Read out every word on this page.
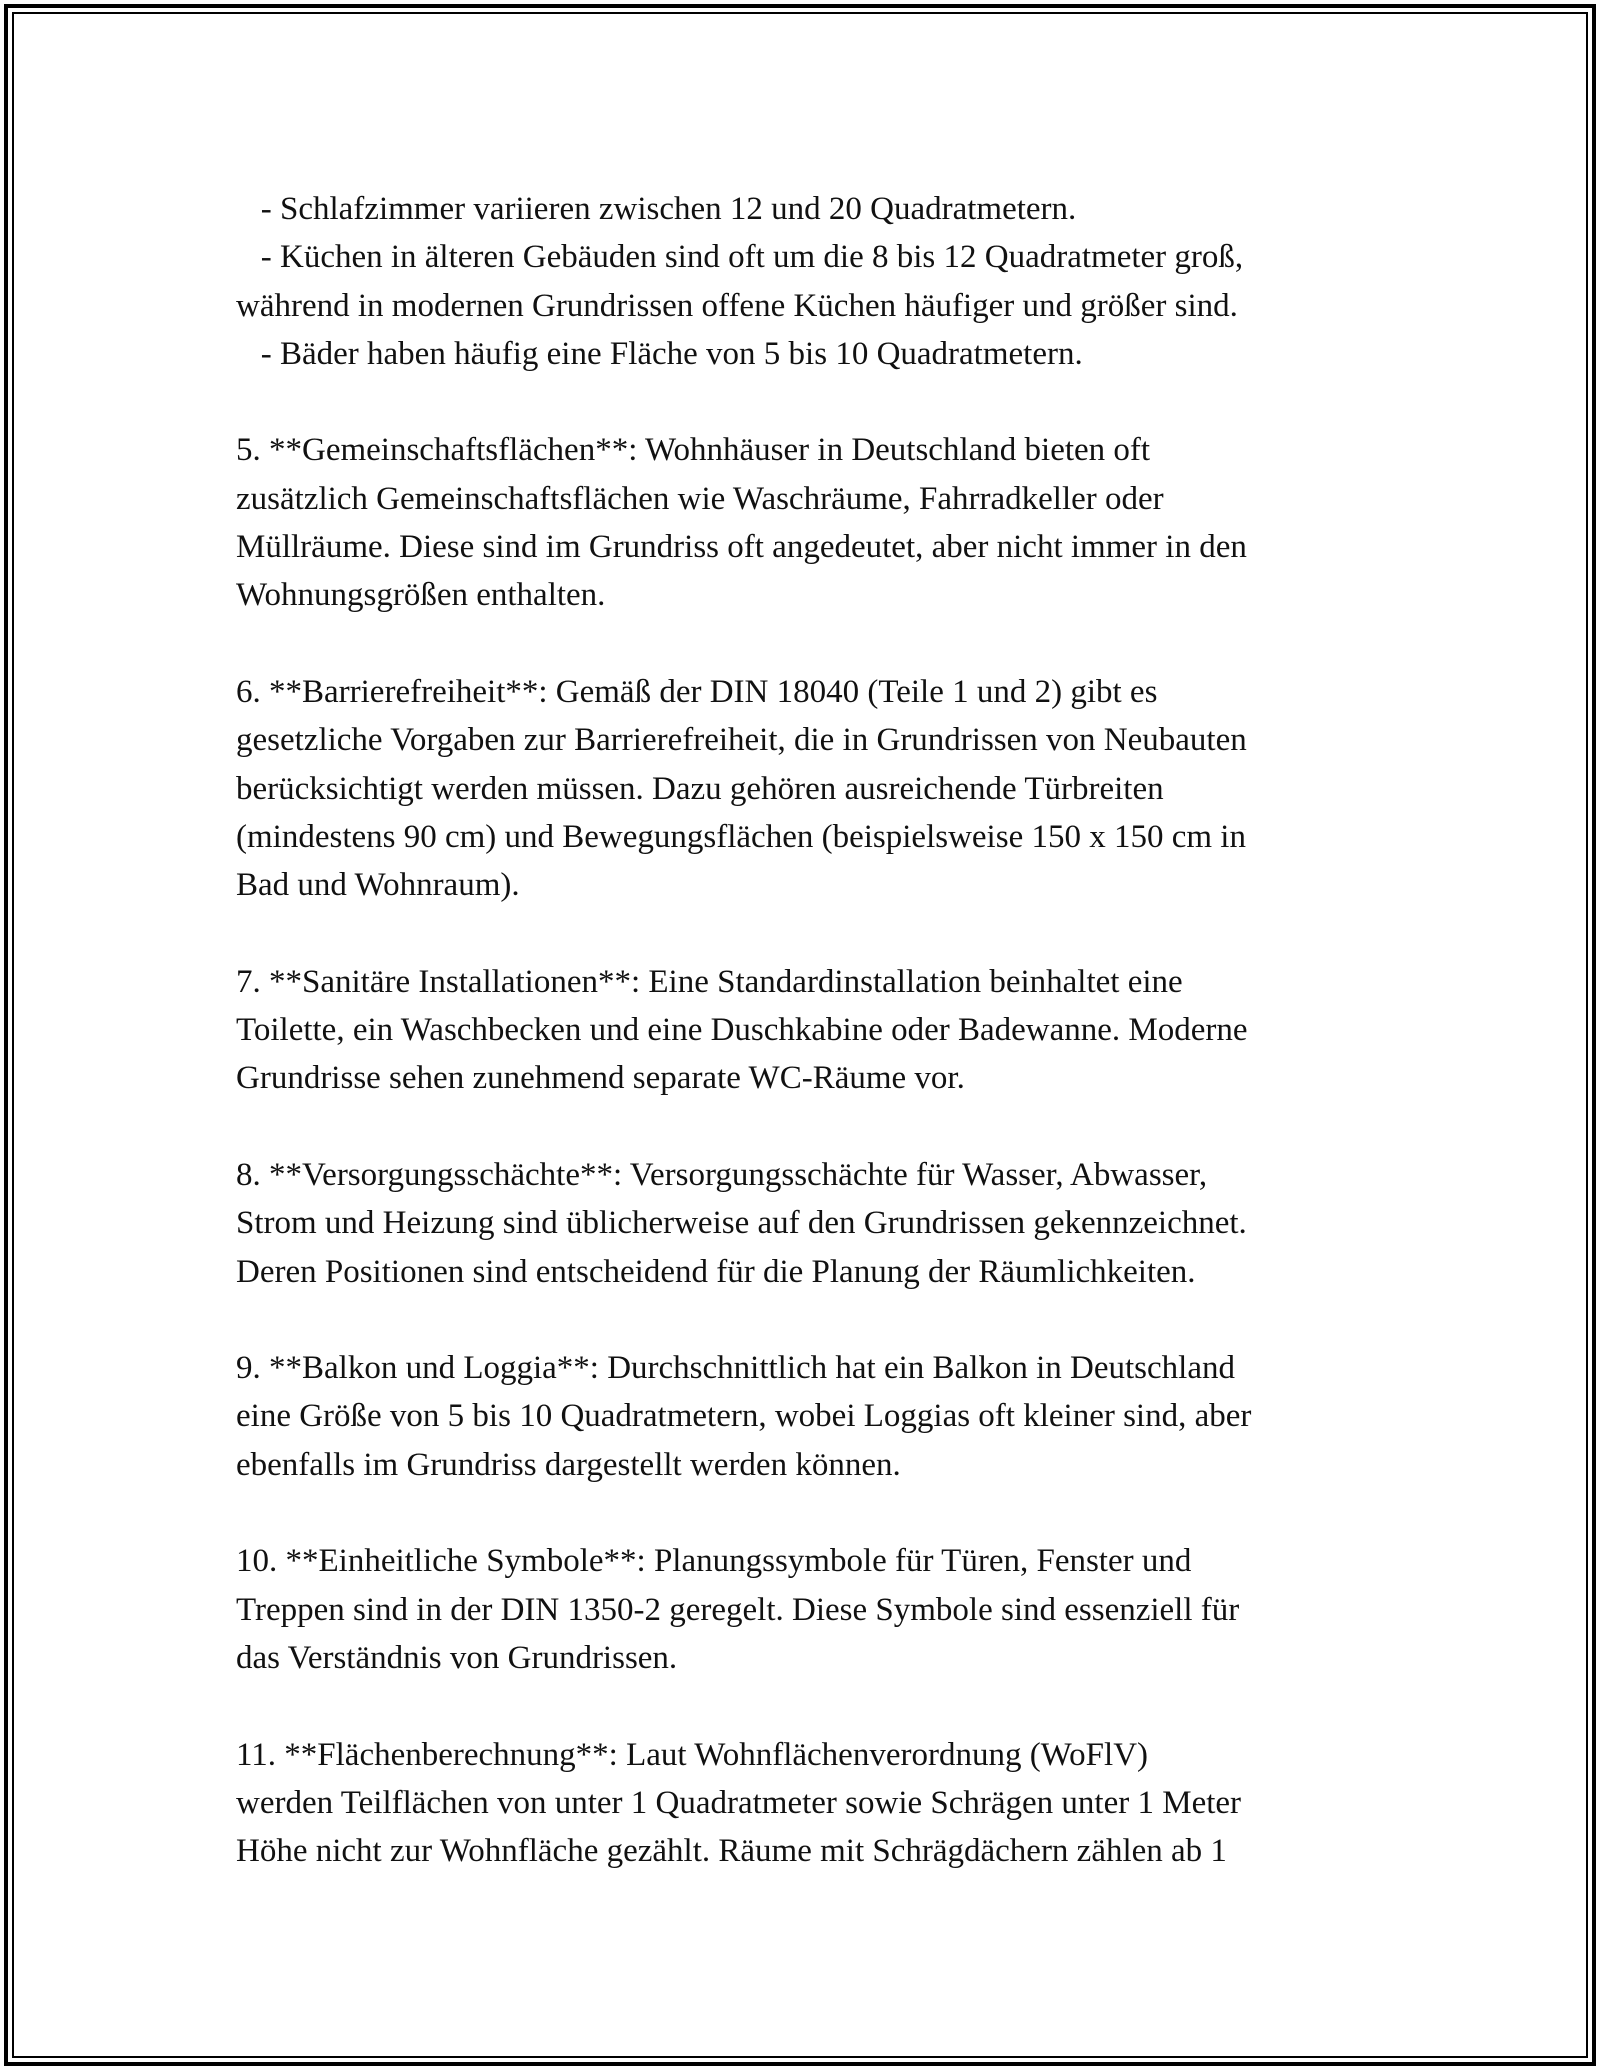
- Schlafzimmer variieren zwischen 12 und 20 Quadratmetern.
- Küchen in älteren Gebäuden sind oft um die 8 bis 12 Quadratmeter groß,
während in modernen Grundrissen offene Küchen häufiger und größer sind.
- Bäder haben häufig eine Fläche von 5 bis 10 Quadratmetern.
5. **Gemeinschaftsflächen**: Wohnhäuser in Deutschland bieten oft
zusätzlich Gemeinschaftsflächen wie Waschräume, Fahrradkeller oder
Müllräume. Diese sind im Grundriss oft angedeutet, aber nicht immer in den
Wohnungsgrößen enthalten.
6. **Barrierefreiheit**: Gemäß der DIN 18040 (Teile 1 und 2) gibt es
gesetzliche Vorgaben zur Barrierefreiheit, die in Grundrissen von Neubauten
berücksichtigt werden müssen. Dazu gehören ausreichende Türbreiten
(mindestens 90 cm) und Bewegungsflächen (beispielsweise 150 x 150 cm in
Bad und Wohnraum).
7. **Sanitäre Installationen**: Eine Standardinstallation beinhaltet eine
Toilette, ein Waschbecken und eine Duschkabine oder Badewanne. Moderne
Grundrisse sehen zunehmend separate WC-Räume vor.
8. **Versorgungsschächte**: Versorgungsschächte für Wasser, Abwasser,
Strom und Heizung sind üblicherweise auf den Grundrissen gekennzeichnet.
Deren Positionen sind entscheidend für die Planung der Räumlichkeiten.
9. **Balkon und Loggia**: Durchschnittlich hat ein Balkon in Deutschland
eine Größe von 5 bis 10 Quadratmetern, wobei Loggias oft kleiner sind, aber
ebenfalls im Grundriss dargestellt werden können.
10. **Einheitliche Symbole**: Planungssymbole für Türen, Fenster und
Treppen sind in der DIN 1350-2 geregelt. Diese Symbole sind essenziell für
das Verständnis von Grundrissen.
11. **Flächenberechnung**: Laut Wohnflächenverordnung (WoFlV)
werden Teilflächen von unter 1 Quadratmeter sowie Schrägen unter 1 Meter
Höhe nicht zur Wohnfläche gezählt. Räume mit Schrägdächern zählen ab 1
